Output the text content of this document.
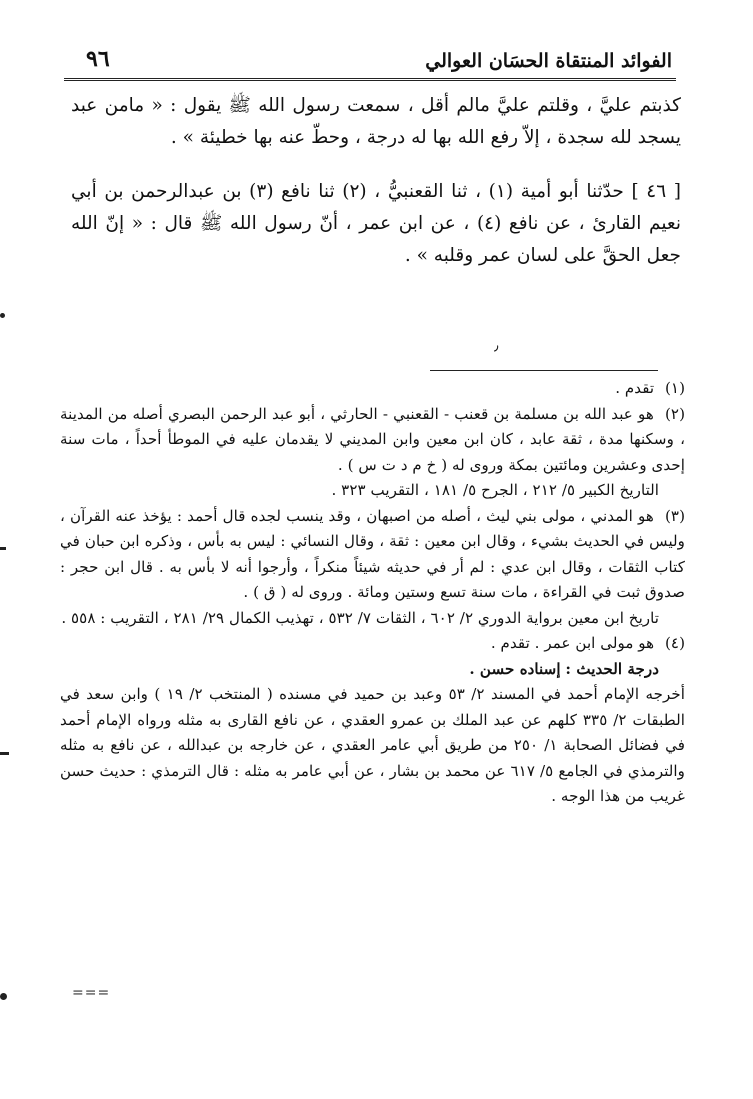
٩٦	الفوائد المنتقاة الحسَان العوالي

كذبتم عليَّ ، وقلتم عليَّ مالم أقل ، سمعت رسول الله ﷺ يقول : « مامن عبد يسجد لله سجدة ، إلاّ رفع الله بها له درجة ، وحطّ عنه بها خطيئة » .

[ ٤٦ ] حدّثنا أبو أمية (١) ، ثنا القعنبيُّ ، (٢) ثنا نافع (٣) بن عبدالرحمن بن أبي نعيم القارئ ، عن نافع (٤) ، عن ابن عمر ، أنّ رسول الله ﷺ قال : « إنّ الله جعل الحقَّ على لسان عمر وقلبه » .

٫

(١) تقدم .

(٢) هو عبد الله بن مسلمة بن قعنب - القعنبي - الحارثي ، أبو عبد الرحمن البصري أصله من المدينة ، وسكنها مدة ، ثقة عابد ، كان ابن معين وابن المديني لا يقدمان عليه في الموطأ أحداً ، مات سنة إحدى وعشرين ومائتين بمكة وروى له ( خ م د ت س ) .

التاريخ الكبير ٥/ ٢١٢ ، الجرح ٥/ ١٨١ ، التقريب ٣٢٣ .

(٣) هو المدني ، مولى بني ليث ، أصله من اصبهان ، وقد ينسب لجده قال أحمد : يؤخذ عنه القرآن ، وليس في الحديث بشيء ، وقال ابن معين : ثقة ، وقال النسائي : ليس به بأس ، وذكره ابن حبان في كتاب الثقات ، وقال ابن عدي : لم أر في حديثه شيئاً منكراً ، وأرجوا أنه لا بأس به . قال ابن حجر : صدوق ثبت في القراءة ، مات سنة تسع وستين ومائة . وروى له ( ق ) .

تاريخ ابن معين برواية الدوري ٢/ ٦٠٢ ، الثقات ٧/ ٥٣٢ ، تهذيب الكمال ٢٩/ ٢٨١ ، التقريب : ٥٥٨ .

(٤) هو مولى ابن عمر . تقدم .

درجة الحديث : إسناده حسن .

أخرجه الإمام أحمد في المسند ٢/ ٥٣ وعبد بن حميد في مسنده ( المنتخب ٢/ ١٩ ) وابن سعد في الطبقات ٢/ ٣٣٥ كلهم عن عبد الملك بن عمرو العقدي ، عن نافع القارى به مثله ورواه الإمام أحمد في فضائل الصحابة ١/ ٢٥٠ من طريق أبي عامر العقدي ، عن خارجه بن عبدالله ، عن نافع به مثله والترمذي في الجامع ٥/ ٦١٧ عن محمد بن بشار ، عن أبي عامر به مثله : قال الترمذي : حديث حسن غريب من هذا الوجه .

===
